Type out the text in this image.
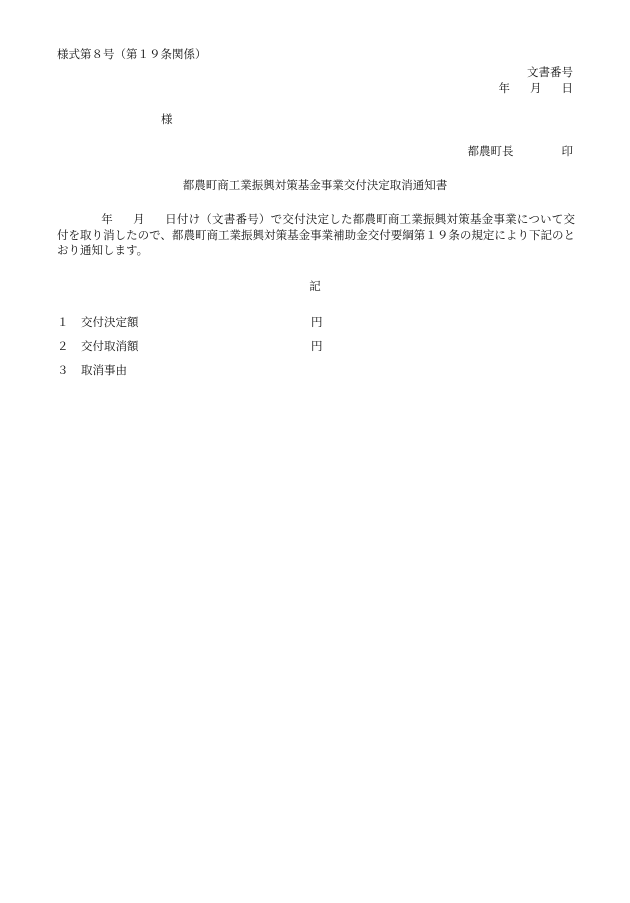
様式第８号（第１９条関係）
文書番号
年 月 日
様
都農町長	印
都農町商工業振興対策基金事業交付決定取消通知書
年 月 日付け（文書番号）で交付決定した都農町商工業振興対策基金事業について交付を取り消したので、都農町商工業振興対策基金事業補助金交付要綱第１９条の規定により下記のとおり通知します。
記
１ 交付決定額	円
２ 交付取消額	円
３ 取消事由
